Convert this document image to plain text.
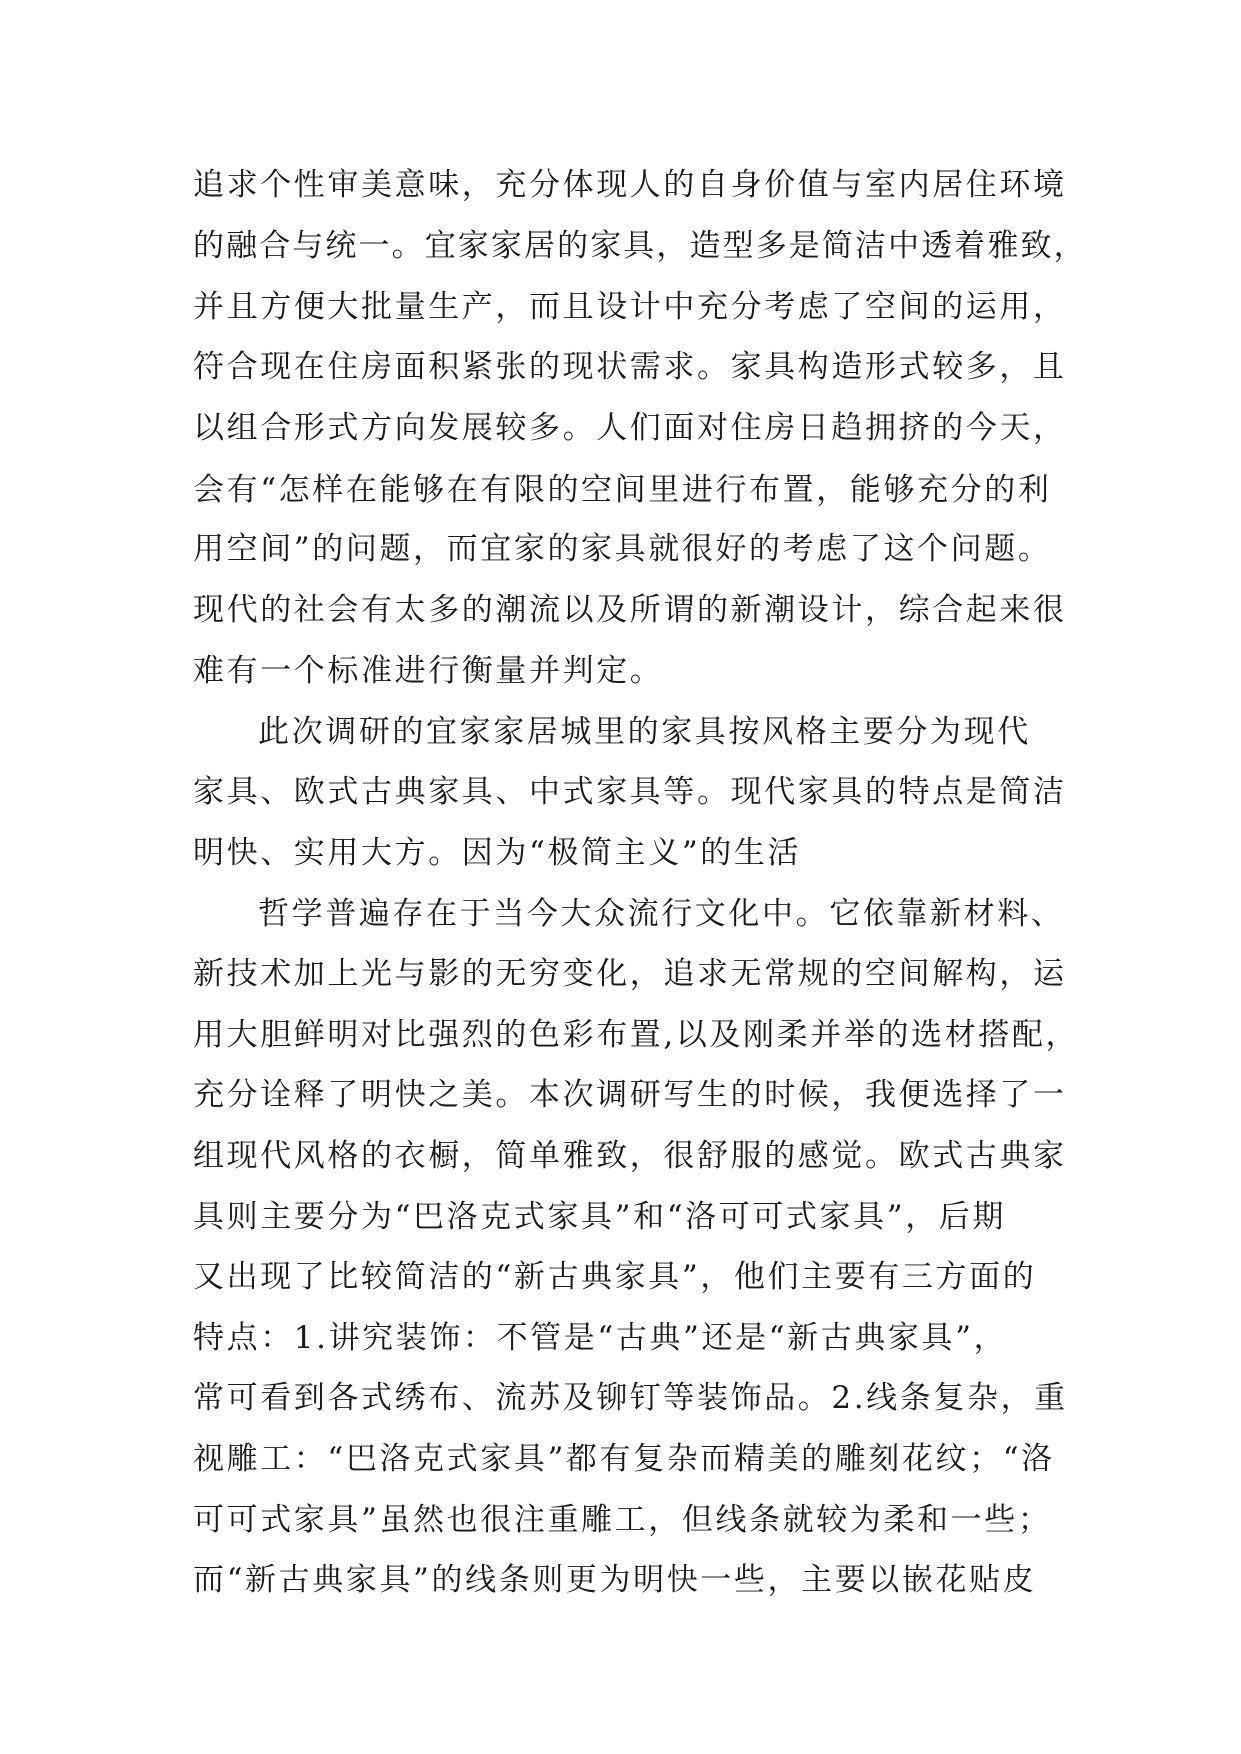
追求个性审美意味，充分体现人的自身价值与室内居住环境

的融合与统一。宜家家居的家具，造型多是简洁中透着雅致，

并且方便大批量生产，而且设计中充分考虑了空间的运用，

符合现在住房面积紧张的现状需求。家具构造形式较多，且

以组合形式方向发展较多。人们面对住房日趋拥挤的今天，

会有“怎样在能够在有限的空间里进行布置，能够充分的利

用空间”的问题，而宜家的家具就很好的考虑了这个问题。

现代的社会有太多的潮流以及所谓的新潮设计，综合起来很

难有一个标准进行衡量并判定。

此次调研的宜家家居城里的家具按风格主要分为现代

家具、欧式古典家具、中式家具等。现代家具的特点是简洁

明快、实用大方。因为“极简主义”的生活

哲学普遍存在于当今大众流行文化中。它依靠新材料、

新技术加上光与影的无穷变化，追求无常规的空间解构，运

用大胆鲜明对比强烈的色彩布置,以及刚柔并举的选材搭配，

充分诠释了明快之美。本次调研写生的时候，我便选择了一

组现代风格的衣橱，简单雅致，很舒服的感觉。欧式古典家

具则主要分为“巴洛克式家具”和“洛可可式家具”，后期

又出现了比较简洁的“新古典家具”，他们主要有三方面的

特点：1.讲究装饰：不管是“古典”还是“新古典家具”，

常可看到各式绣布、流苏及铆钉等装饰品。2.线条复杂，重

视雕工：“巴洛克式家具”都有复杂而精美的雕刻花纹；“洛

可可式家具”虽然也很注重雕工，但线条就较为柔和一些；

而“新古典家具”的线条则更为明快一些，主要以嵌花贴皮
